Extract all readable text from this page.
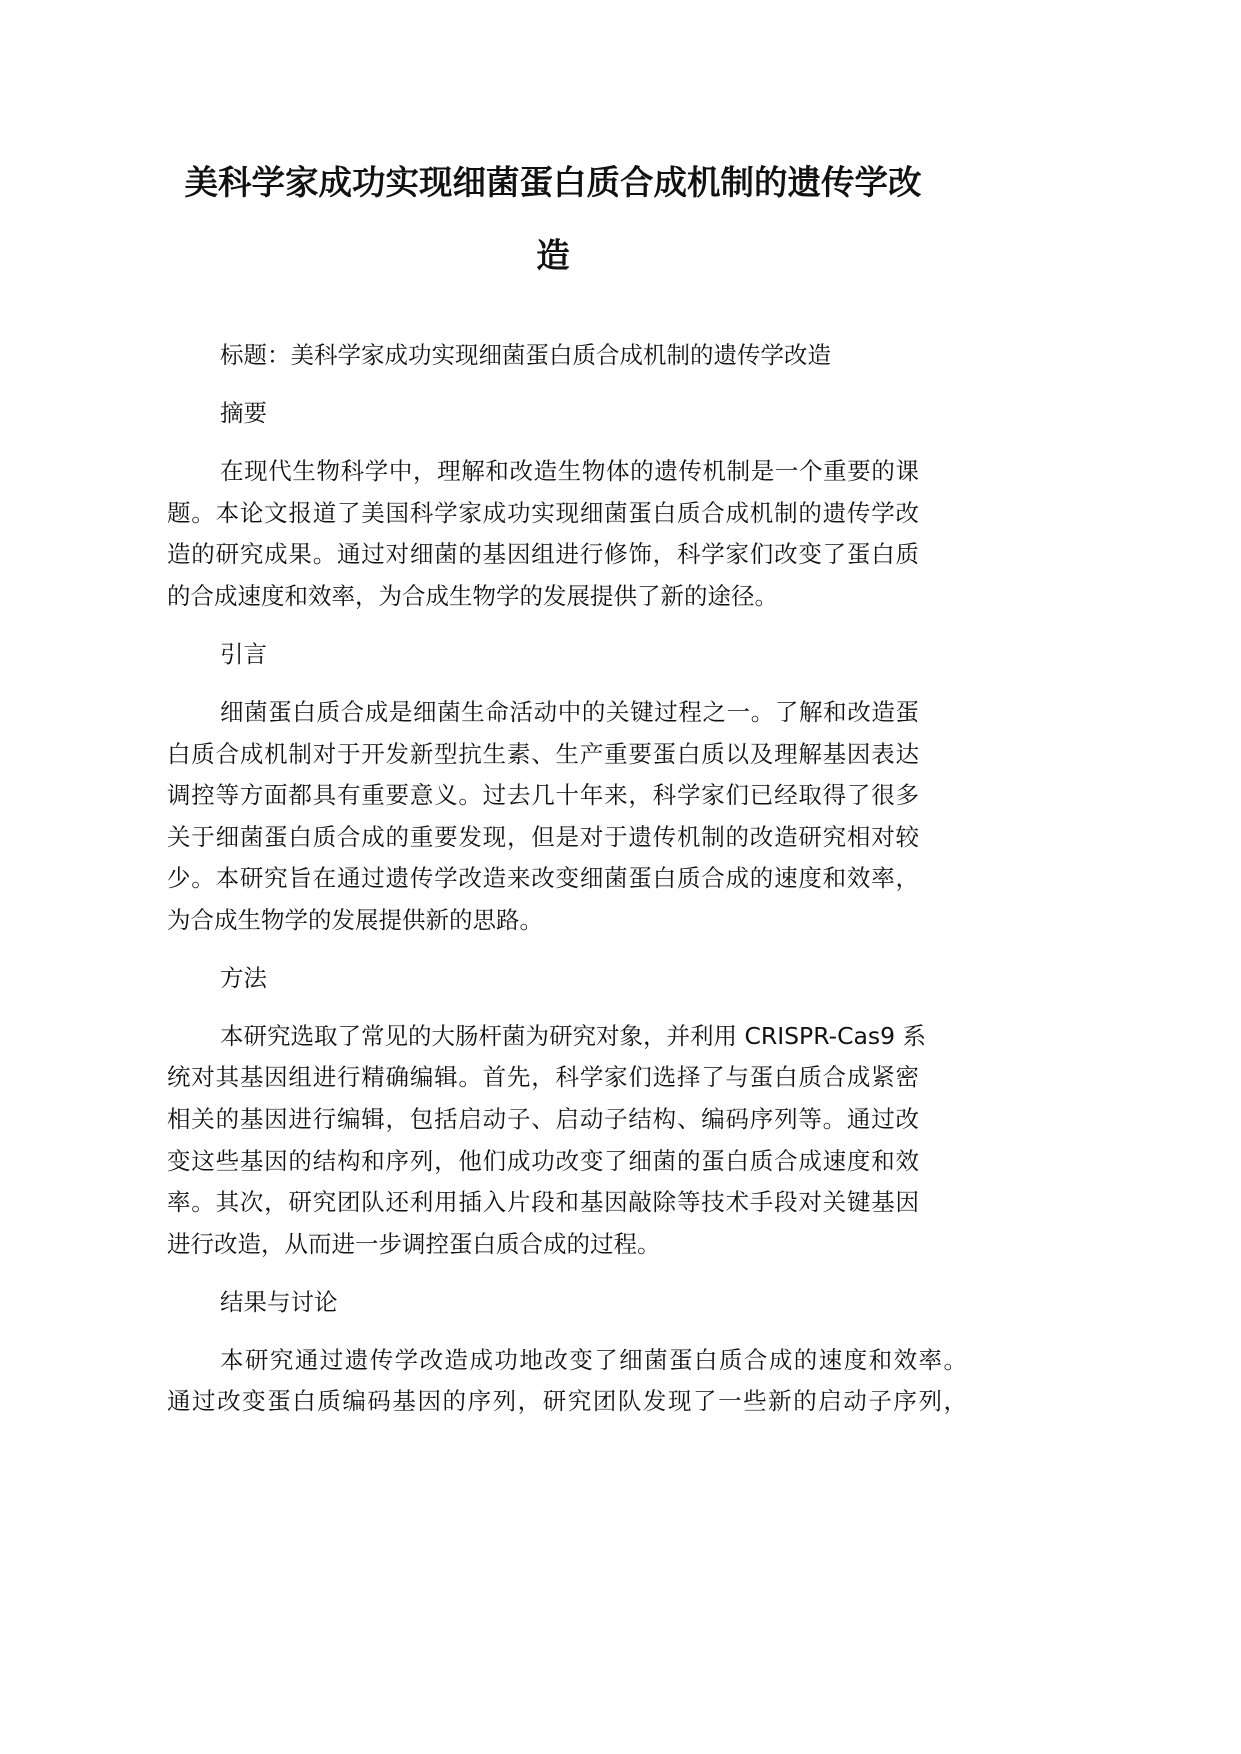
美科学家成功实现细菌蛋白质合成机制的遗传学改
造
标题：美科学家成功实现细菌蛋白质合成机制的遗传学改造
摘要
在现代生物科学中，理解和改造生物体的遗传机制是一个重要的课
题。本论文报道了美国科学家成功实现细菌蛋白质合成机制的遗传学改
造的研究成果。通过对细菌的基因组进行修饰，科学家们改变了蛋白质
的合成速度和效率，为合成生物学的发展提供了新的途径。
引言
细菌蛋白质合成是细菌生命活动中的关键过程之一。了解和改造蛋
白质合成机制对于开发新型抗生素、生产重要蛋白质以及理解基因表达
调控等方面都具有重要意义。过去几十年来，科学家们已经取得了很多
关于细菌蛋白质合成的重要发现，但是对于遗传机制的改造研究相对较
少。本研究旨在通过遗传学改造来改变细菌蛋白质合成的速度和效率，
为合成生物学的发展提供新的思路。
方法
本研究选取了常见的大肠杆菌为研究对象，并利用 CRISPR-Cas9 系
统对其基因组进行精确编辑。首先，科学家们选择了与蛋白质合成紧密
相关的基因进行编辑，包括启动子、启动子结构、编码序列等。通过改
变这些基因的结构和序列，他们成功改变了细菌的蛋白质合成速度和效
率。其次，研究团队还利用插入片段和基因敲除等技术手段对关键基因
进行改造，从而进一步调控蛋白质合成的过程。
结果与讨论
本研究通过遗传学改造成功地改变了细菌蛋白质合成的速度和效率。
通过改变蛋白质编码基因的序列，研究团队发现了一些新的启动子序列，
